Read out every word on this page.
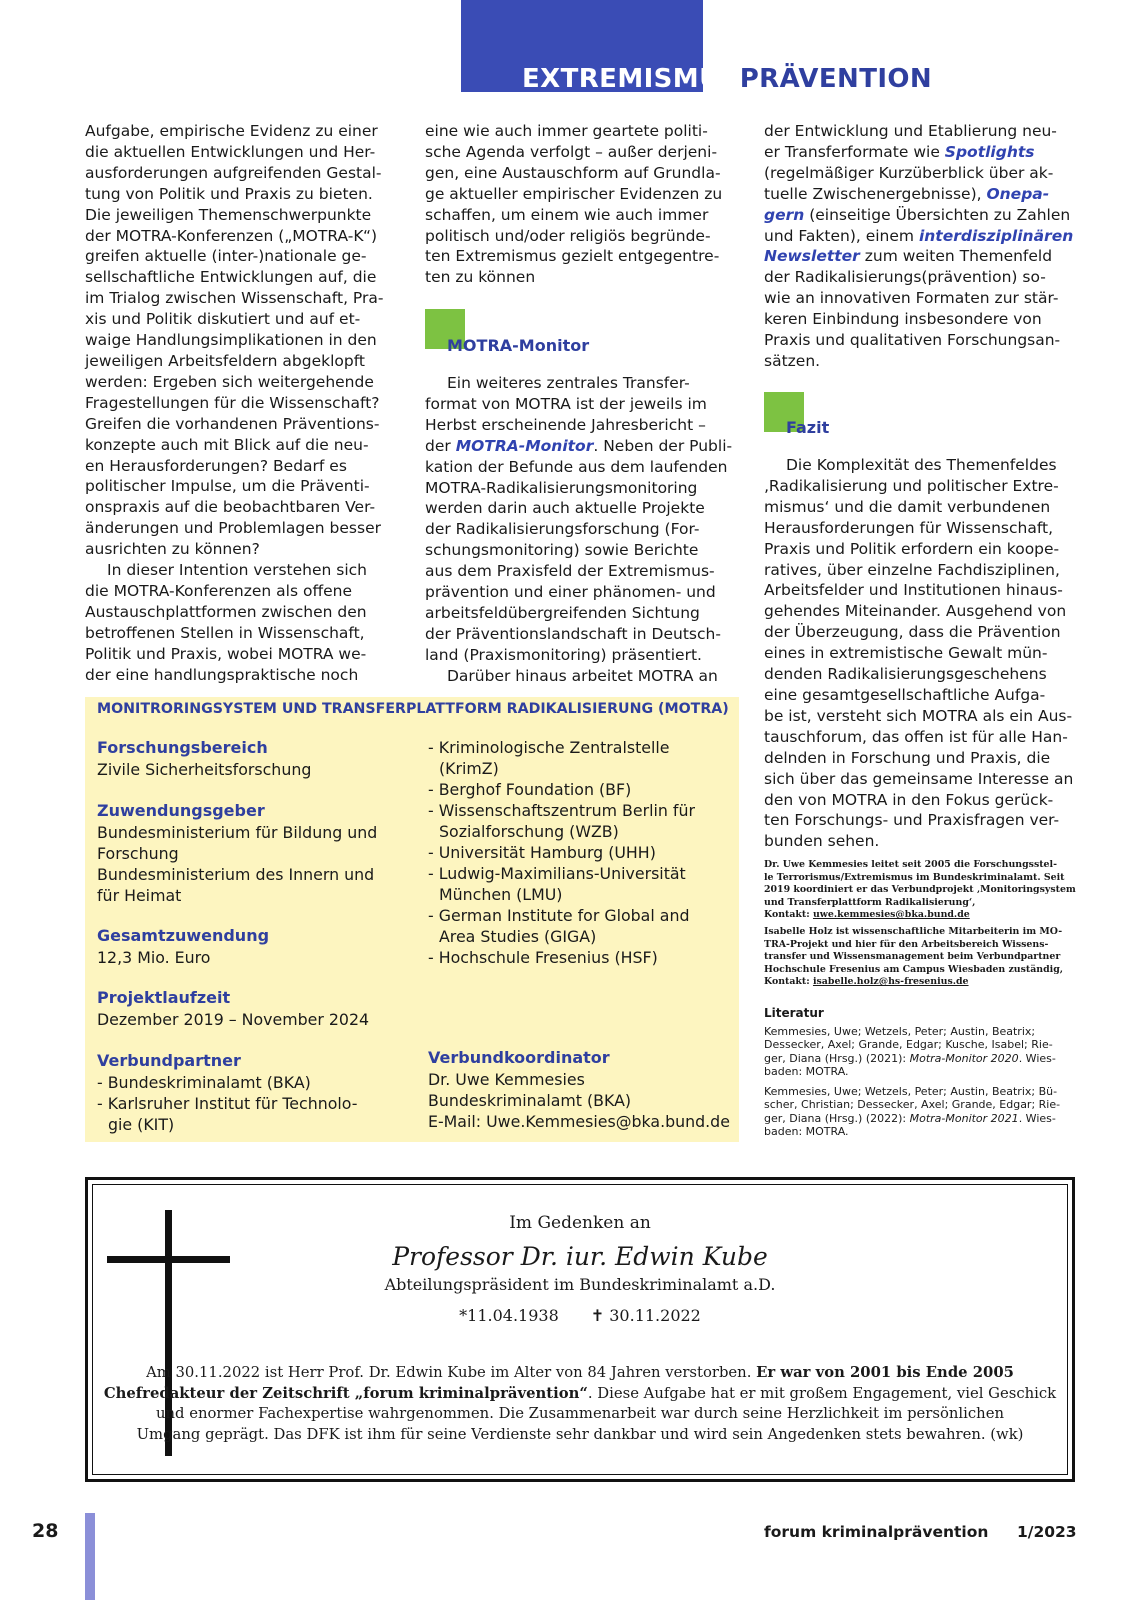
EXTREMISMUSPRÄVENTION

Aufgabe, empirische Evidenz zu einer

die aktuellen Entwicklungen und Her-

ausforderungen aufgreifenden Gestal-

tung von Politik und Praxis zu bieten.

Die jeweiligen Themenschwerpunkte

der MOTRA-Konferenzen („MOTRA-K“)

greifen aktuelle (inter-)nationale ge-

sellschaftliche Entwicklungen auf, die

im Trialog zwischen Wissenschaft, Pra-

xis und Politik diskutiert und auf et-

waige Handlungsimplikationen in den

jeweiligen Arbeitsfeldern abgeklopft

werden: Ergeben sich weitergehende

Fragestellungen für die Wissenschaft?

Greifen die vorhandenen Präventions-

konzepte auch mit Blick auf die neu-

en Herausforderungen? Bedarf es

politischer Impulse, um die Präventi-

onspraxis auf die beobachtbaren Ver-

änderungen und Problemlagen besser

ausrichten zu können?

In dieser Intention verstehen sich

die MOTRA-Konferenzen als offene

Austauschplattformen zwischen den

betroffenen Stellen in Wissenschaft,

Politik und Praxis, wobei MOTRA we-

der eine handlungspraktische noch

eine wie auch immer geartete politi-

sche Agenda verfolgt – außer derjeni-

gen, eine Austauschform auf Grundla-

ge aktueller empirischer Evidenzen zu

schaffen, um einem wie auch immer

politisch und/oder religiös begründe-

ten Extremismus gezielt entgegentre-

ten zu können

MOTRA-Monitor

Ein weiteres zentrales Transfer-

format von MOTRA ist der jeweils im

Herbst erscheinende Jahresbericht –

der MOTRA-Monitor. Neben der Publi-

kation der Befunde aus dem laufenden

MOTRA-Radikalisierungsmonitoring

werden darin auch aktuelle Projekte

der Radikalisierungsforschung (For-

schungsmonitoring) sowie Berichte

aus dem Praxisfeld der Extremismus-

prävention und einer phänomen- und

arbeitsfeldübergreifenden Sichtung

der Präventionslandschaft in Deutsch-

land (Praxismonitoring) präsentiert.

Darüber hinaus arbeitet MOTRA an

der Entwicklung und Etablierung neu-

er Transferformate wie Spotlights

(regelmäßiger Kurzüberblick über ak-

tuelle Zwischenergebnisse), Onepa-

gern (einseitige Übersichten zu Zahlen

und Fakten), einem interdisziplinären

Newsletter zum weiten Themenfeld

der Radikalisierungs(prävention) so-

wie an innovativen Formaten zur stär-

keren Einbindung insbesondere von

Praxis und qualitativen Forschungsan-

sätzen.

Fazit

Die Komplexität des Themenfeldes

‚Radikalisierung und politischer Extre-

mismus‘ und die damit verbundenen

Herausforderungen für Wissenschaft,

Praxis und Politik erfordern ein koope-

ratives, über einzelne Fachdisziplinen,

Arbeitsfelder und Institutionen hinaus-

gehendes Miteinander. Ausgehend von

der Überzeugung, dass die Prävention

eines in extremistische Gewalt mün-

denden Radikalisierungsgeschehens

eine gesamtgesellschaftliche Aufga-

be ist, versteht sich MOTRA als ein Aus-

tauschforum, das offen ist für alle Han-

delnden in Forschung und Praxis, die

sich über das gemeinsame Interesse an

den von MOTRA in den Fokus gerück-

ten Forschungs- und Praxisfragen ver-

bunden sehen.

Dr. Uwe Kemmesies leitet seit 2005 die Forschungsstel-

le Terrorismus/Extremismus im Bundeskriminalamt. Seit

2019 koordiniert er das Verbundprojekt ‚Monitoringsystem

und Transferplattform Radikalisierung‘,

Kontakt: uwe.kemmesies@bka.bund.de

Isabelle Holz ist wissenschaftliche Mitarbeiterin im MO-

TRA-Projekt und hier für den Arbeitsbereich Wissens-

transfer und Wissensmanagement beim Verbundpartner

Hochschule Fresenius am Campus Wiesbaden zuständig,

Kontakt: isabelle.holz@hs-fresenius.de

Literatur

Kemmesies, Uwe; Wetzels, Peter; Austin, Beatrix;

Dessecker, Axel; Grande, Edgar; Kusche, Isabel; Rie-

ger, Diana (Hrsg.) (2021): Motra-Monitor 2020. Wies-

baden: MOTRA.

Kemmesies, Uwe; Wetzels, Peter; Austin, Beatrix; Bü-

scher, Christian; Dessecker, Axel; Grande, Edgar; Rie-

ger, Diana (Hrsg.) (2022): Motra-Monitor 2021. Wies-

baden: MOTRA.

MONITRORINGSYSTEM UND TRANSFERPLATTFORM RADIKALISIERUNG (MOTRA)
Forschungsbereich
Zivile Sicherheitsforschung
Zuwendungsgeber

Bundesministerium für Bildung und

Forschung

Bundesministerium des Innern und

für Heimat

Gesamtzuwendung
12,3 Mio. Euro
Projektlaufzeit
Dezember 2019 – November 2024
Verbundpartner

- Bundeskriminalamt (BKA)

- Karlsruher Institut für Technolo-

gie (KIT)

- Kriminologische Zentralstelle

(KrimZ)

- Berghof Foundation (BF)

- Wissenschaftszentrum Berlin für

Sozialforschung (WZB)

- Universität Hamburg (UHH)

- Ludwig-Maximilians-Universität

München (LMU)

- German Institute for Global and

Area Studies (GIGA)

- Hochschule Fresenius (HSF)

Verbundkoordinator

Dr. Uwe Kemmesies

Bundeskriminalamt (BKA)

E-Mail: Uwe.Kemmesies@bka.bund.de

Im Gedenken an
Professor Dr. iur. Edwin Kube
Abteilungspräsident im Bundeskriminalamt a.D.
*11.04.1938 ✝ 30.11.2022

Am 30.11.2022 ist Herr Prof. Dr. Edwin Kube im Alter von 84 Jahren verstorben. Er war von 2001 bis Ende 2005

Chefredakteur der Zeitschrift „forum kriminalprävention“. Diese Aufgabe hat er mit großem Engagement, viel Geschick

und enormer Fachexpertise wahrgenommen. Die Zusammenarbeit war durch seine Herzlichkeit im persönlichen

Umgang geprägt. Das DFK ist ihm für seine Verdienste sehr dankbar und wird sein Angedenken stets bewahren. (wk)

28	forum kriminalprävention 1/2023
